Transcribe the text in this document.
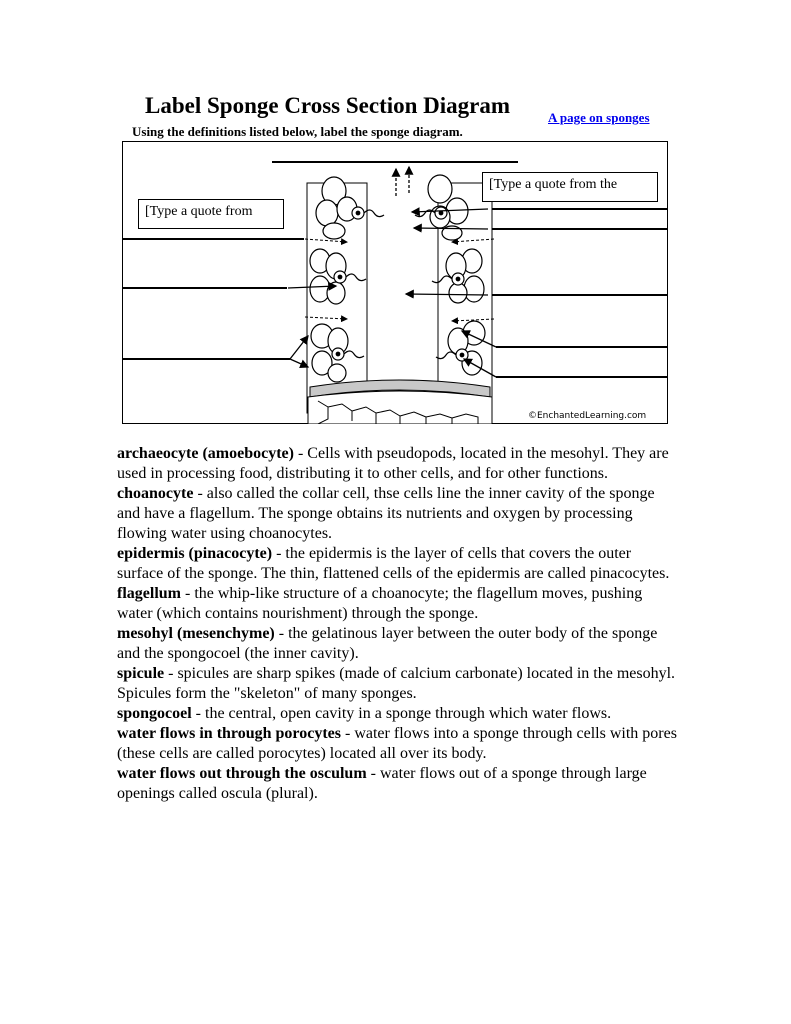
Label Sponge Cross Section Diagram	A page on sponges
Using the definitions listed below, label the sponge diagram.
©EnchantedLearning.com
[Type a quote from
[Type a quote from the

archaeocyte (amoebocyte) - Cells with pseudopods, located in the mesohyl. They are used in processing food, distributing it to other cells, and for other functions.

choanocyte - also called the collar cell, thse cells line the inner cavity of the sponge and have a flagellum. The sponge obtains its nutrients and oxygen by processing flowing water using choanocytes.

epidermis (pinacocyte) - the epidermis is the layer of cells that covers the outer surface of the sponge. The thin, flattened cells of the epidermis are called pinacocytes.

flagellum - the whip-like structure of a choanocyte; the flagellum moves, pushing water (which contains nourishment) through the sponge.

mesohyl (mesenchyme) - the gelatinous layer between the outer body of the sponge and the spongocoel (the inner cavity).

spicule - spicules are sharp spikes (made of calcium carbonate) located in the mesohyl. Spicules form the "skeleton" of many sponges.

spongocoel - the central, open cavity in a sponge through which water flows.

water flows in through porocytes - water flows into a sponge through cells with pores (these cells are called porocytes) located all over its body.

water flows out through the osculum - water flows out of a sponge through large openings called oscula (plural).
